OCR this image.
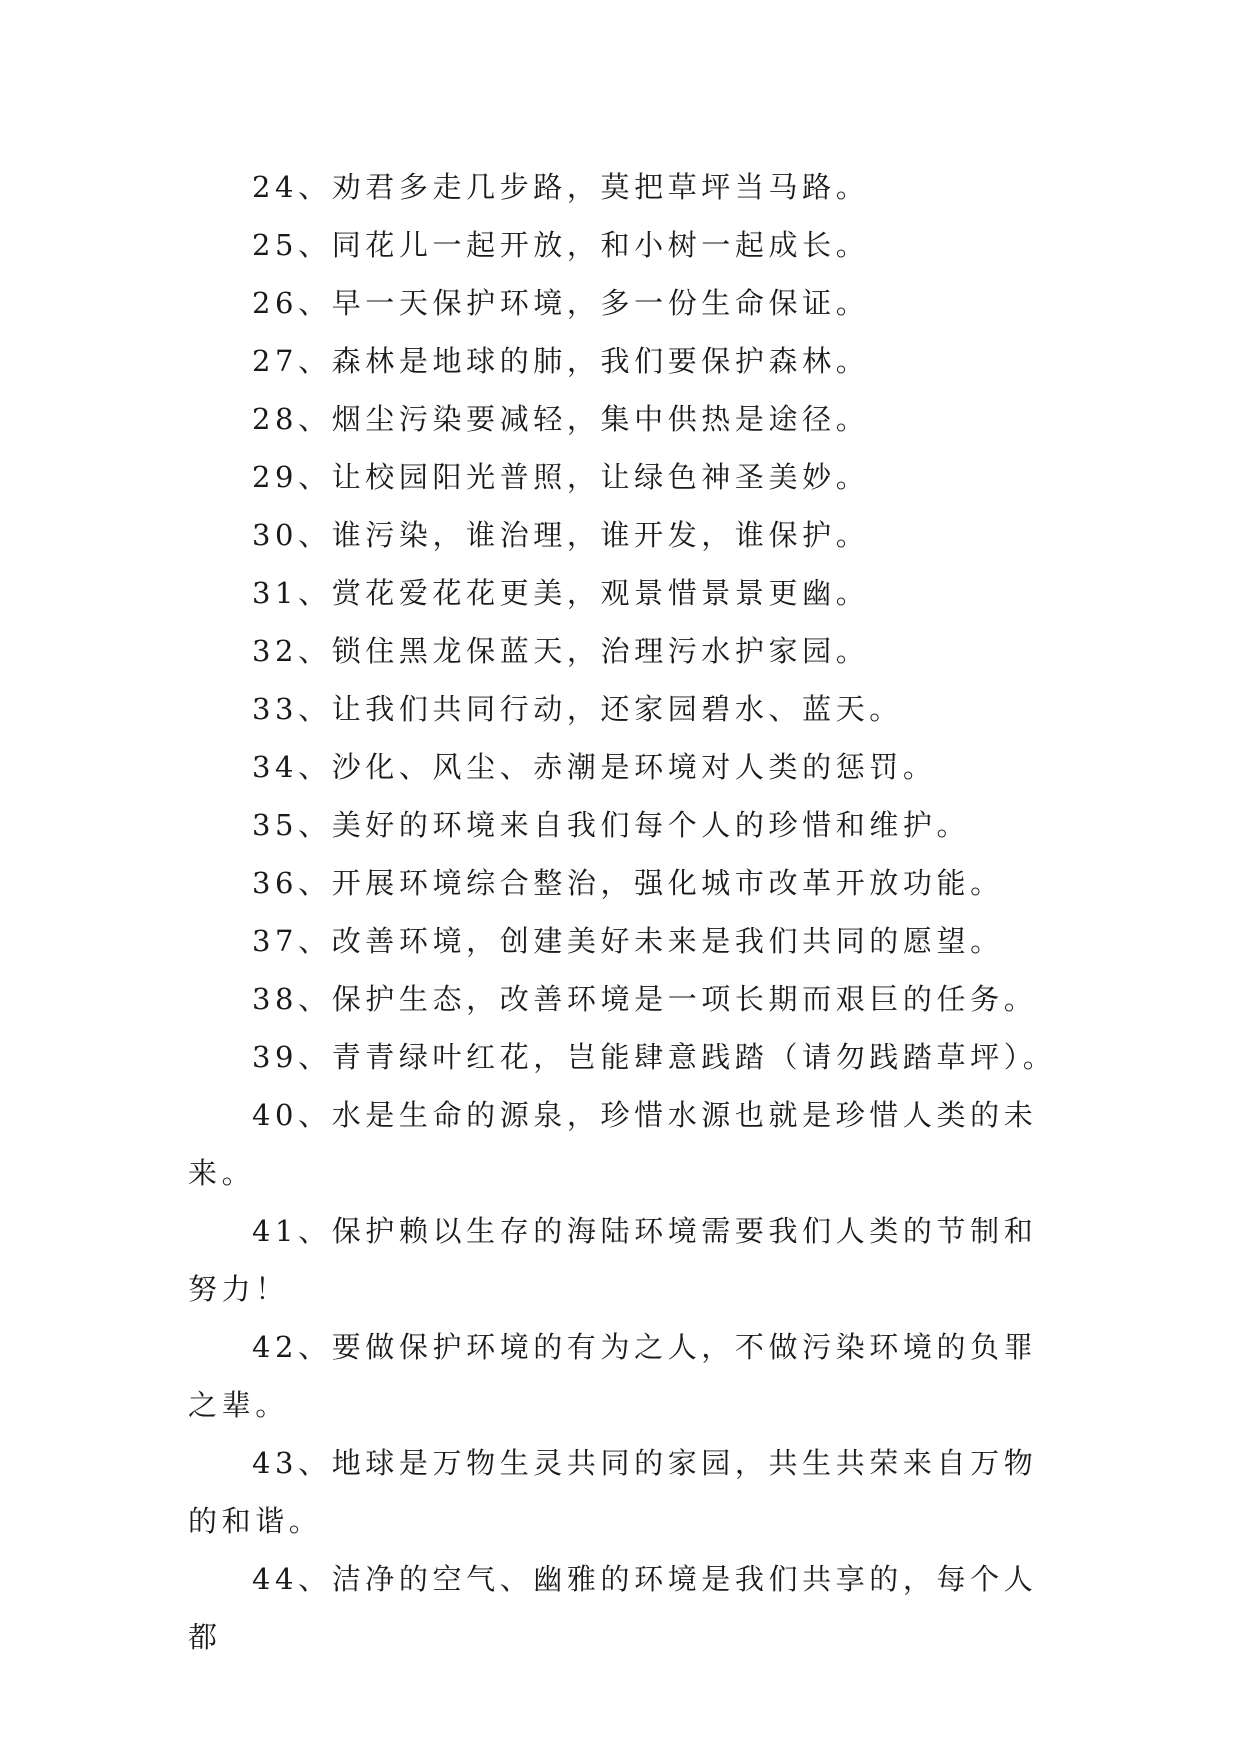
24、劝君多走几步路，莫把草坪当马路。

25、同花儿一起开放，和小树一起成长。

26、早一天保护环境，多一份生命保证。

27、森林是地球的肺，我们要保护森林。

28、烟尘污染要减轻，集中供热是途径。

29、让校园阳光普照，让绿色神圣美妙。

30、谁污染，谁治理，谁开发，谁保护。

31、赏花爱花花更美，观景惜景景更幽。

32、锁住黑龙保蓝天，治理污水护家园。

33、让我们共同行动，还家园碧水、蓝天。

34、沙化、风尘、赤潮是环境对人类的惩罚。

35、美好的环境来自我们每个人的珍惜和维护。

36、开展环境综合整治，强化城市改革开放功能。

37、改善环境，创建美好未来是我们共同的愿望。

38、保护生态，改善环境是一项长期而艰巨的任务。

39、青青绿叶红花，岂能肆意践踏（请勿践踏草坪）。

40、水是生命的源泉，珍惜水源也就是珍惜人类的未来。

41、保护赖以生存的海陆环境需要我们人类的节制和努力！

42、要做保护环境的有为之人，不做污染环境的负罪之辈。

43、地球是万物生灵共同的家园，共生共荣来自万物的和谐。

44、洁净的空气、幽雅的环境是我们共享的，每个人都
